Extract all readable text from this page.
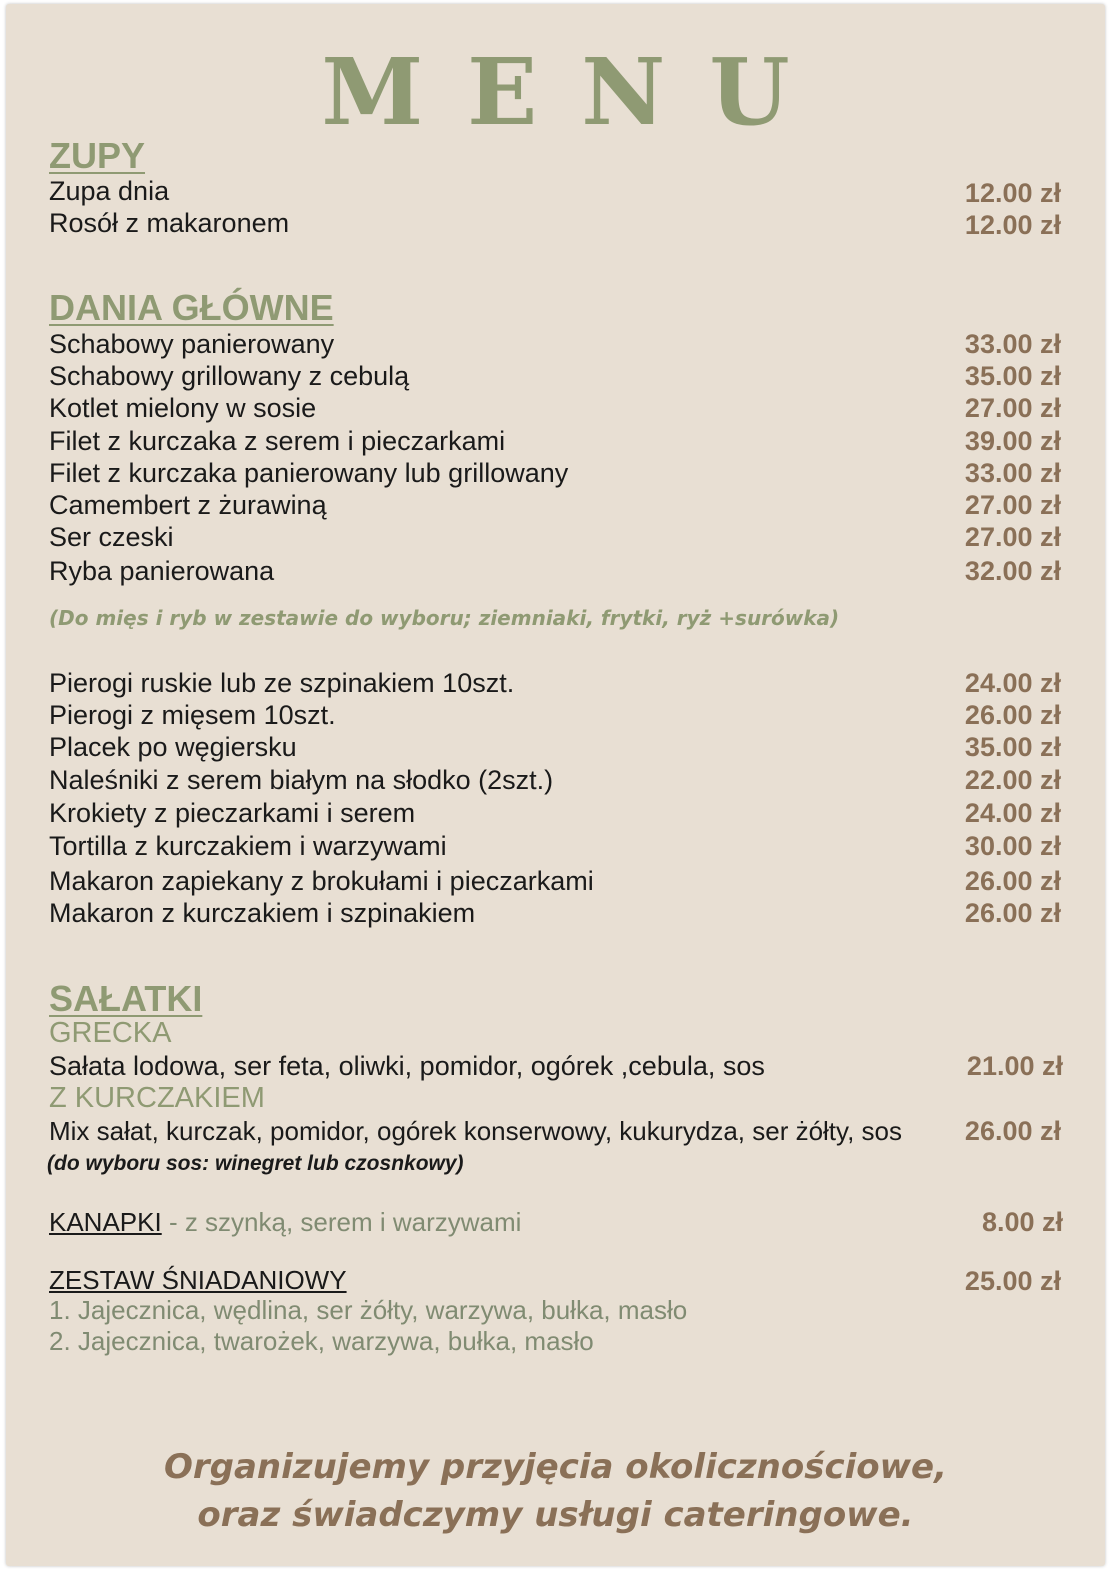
MENU
ZUPY
Zupa dnia	12.00 zł
Rosół z makaronem	12.00 zł
DANIA GŁÓWNE
Schabowy panierowany	33.00 zł
Schabowy grillowany z cebulą	35.00 zł
Kotlet mielony w sosie	27.00 zł
Filet z kurczaka z serem i pieczarkami	39.00 zł
Filet z kurczaka panierowany lub grillowany	33.00 zł
Camembert z żurawiną	27.00 zł
Ser czeski	27.00 zł
Ryba panierowana	32.00 zł
(Do mięs i ryb w zestawie do wyboru; ziemniaki, frytki, ryż +surówka)
Pierogi ruskie lub ze szpinakiem 10szt.	24.00 zł
Pierogi z mięsem 10szt.	26.00 zł
Placek po węgiersku	35.00 zł
Naleśniki z serem białym na słodko (2szt.)	22.00 zł
Krokiety z pieczarkami i serem	24.00 zł
Tortilla z kurczakiem i warzywami	30.00 zł
Makaron zapiekany z brokułami i pieczarkami	26.00 zł
Makaron z kurczakiem i szpinakiem	26.00 zł
SAŁATKI
GRECKA
Sałata lodowa, ser feta, oliwki, pomidor, ogórek ,cebula, sos	21.00 zł
Z KURCZAKIEM
Mix sałat, kurczak, pomidor, ogórek konserwowy, kukurydza, ser żółty, sos 26.00 zł
(do wyboru sos: winegret lub czosnkowy)
KANAPKI - z szynką, serem i warzywami	8.00 zł
ZESTAW ŚNIADANIOWY	25.00 zł
1. Jajecznica, wędlina, ser żółty, warzywa, bułka, masło
2. Jajecznica, twarożek, warzywa, bułka, masło
Organizujemy przyjęcia okolicznościowe,
oraz świadczymy usługi cateringowe.
